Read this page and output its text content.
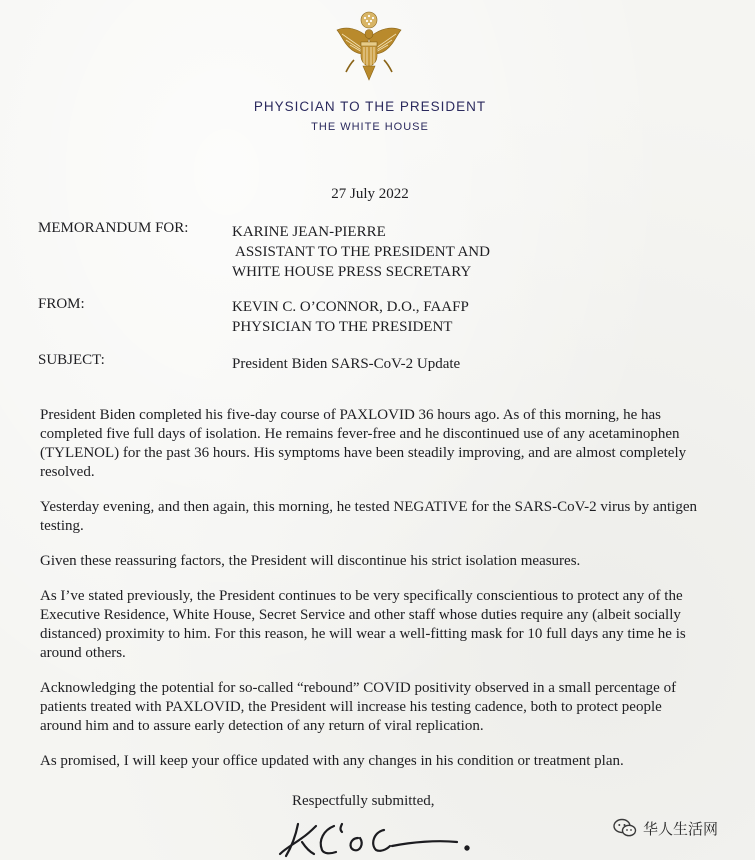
PHYSICIAN TO THE PRESIDENT
THE WHITE HOUSE
27 July 2022
MEMORANDUM FOR:	KARINE JEAN-PIERRE
ASSISTANT TO THE PRESIDENT AND
WHITE HOUSE PRESS SECRETARY
FROM:	KEVIN C. O’CONNOR, D.O., FAAFP
PHYSICIAN TO THE PRESIDENT
SUBJECT:	President Biden SARS-CoV-2 Update

President Biden completed his five-day course of PAXLOVID 36 hours ago. As of this morning, he has completed five full days of isolation. He remains fever-free and he discontinued use of any acetaminophen (TYLENOL) for the past 36 hours. His symptoms have been steadily improving, and are almost completely resolved.

Yesterday evening, and then again, this morning, he tested NEGATIVE for the SARS-CoV-2 virus by antigen testing.

Given these reassuring factors, the President will discontinue his strict isolation measures.

As I’ve stated previously, the President continues to be very specifically conscientious to protect any of the Executive Residence, White House, Secret Service and other staff whose duties require any (albeit socially distanced) proximity to him. For this reason, he will wear a well-fitting mask for 10 full days any time he is around others.

Acknowledging the potential for so-called “rebound” COVID positivity observed in a small percentage of patients treated with PAXLOVID, the President will increase his testing cadence, both to protect people around him and to assure early detection of any return of viral replication.

As promised, I will keep your office updated with any changes in his condition or treatment plan.

Respectfully submitted,
华人生活网
